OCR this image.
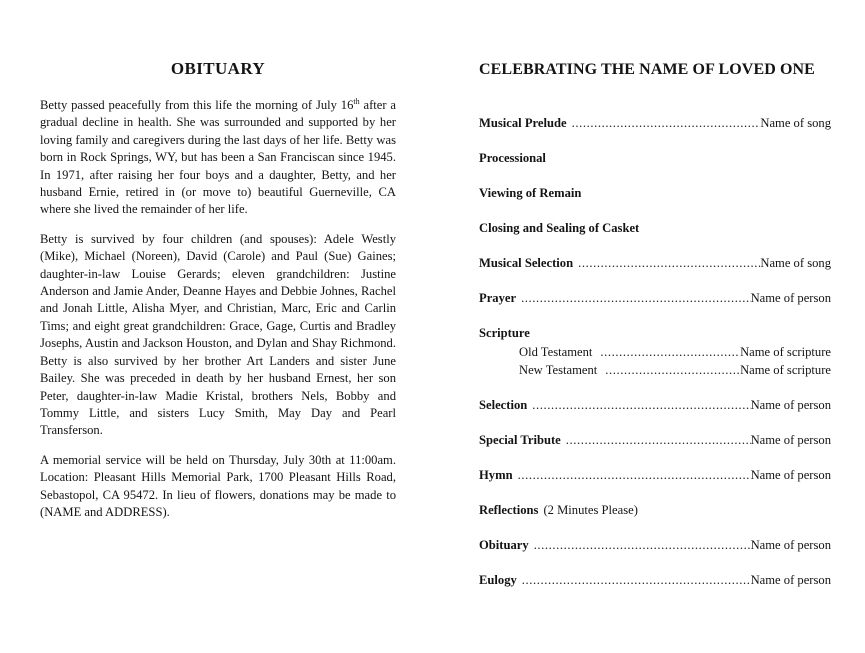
OBITUARY

Betty passed peacefully from this life the morning of July 16th after a gradual decline in health. She was surrounded and supported by her loving family and caregivers during the last days of her life. Betty was born in Rock Springs, WY, but has been a San Franciscan since 1945. In 1971, after raising her four boys and a daughter, Betty, and her husband Ernie, retired in (or move to) beautiful Guerneville, CA where she lived the remainder of her life.

Betty is survived by four children (and spouses): Adele Westly (Mike), Michael (Noreen), David (Carole) and Paul (Sue) Gaines; daughter-in-law Louise Gerards; eleven grandchildren: Justine Anderson and Jamie Ander, Deanne Hayes and Debbie Johnes, Rachel and Jonah Little, Alisha Myer, and Christian, Marc, Eric and Carlin Tims; and eight great grandchildren: Grace, Gage, Curtis and Bradley Josephs, Austin and Jackson Houston, and Dylan and Shay Richmond. Betty is also survived by her brother Art Landers and sister June Bailey. She was preceded in death by her husband Ernest, her son Peter, daughter-in-law Madie Kristal, brothers Nels, Bobby and Tommy Little, and sisters Lucy Smith, May Day and Pearl Transferson.

A memorial service will be held on Thursday, July 30th at 11:00am. Location: Pleasant Hills Memorial Park, 1700 Pleasant Hills Road, Sebastopol, CA 95472. In lieu of flowers, donations may be made to (NAME and ADDRESS).

CELEBRATING THE NAME OF LOVED ONE
Musical Prelude .....	Name of song
Processional
Viewing of Remain
Closing and Sealing of Casket
Musical Selection .....	Name of song
Prayer .....	Name of person
Scripture
Old Testament .....	Name of scripture
New Testament .....	Name of scripture
Selection .....	Name of person
Special Tribute .....	Name of person
Hymn .....	Name of person
Reflections (2 Minutes Please)
Obituary .....	Name of person
Eulogy .....	Name of person
